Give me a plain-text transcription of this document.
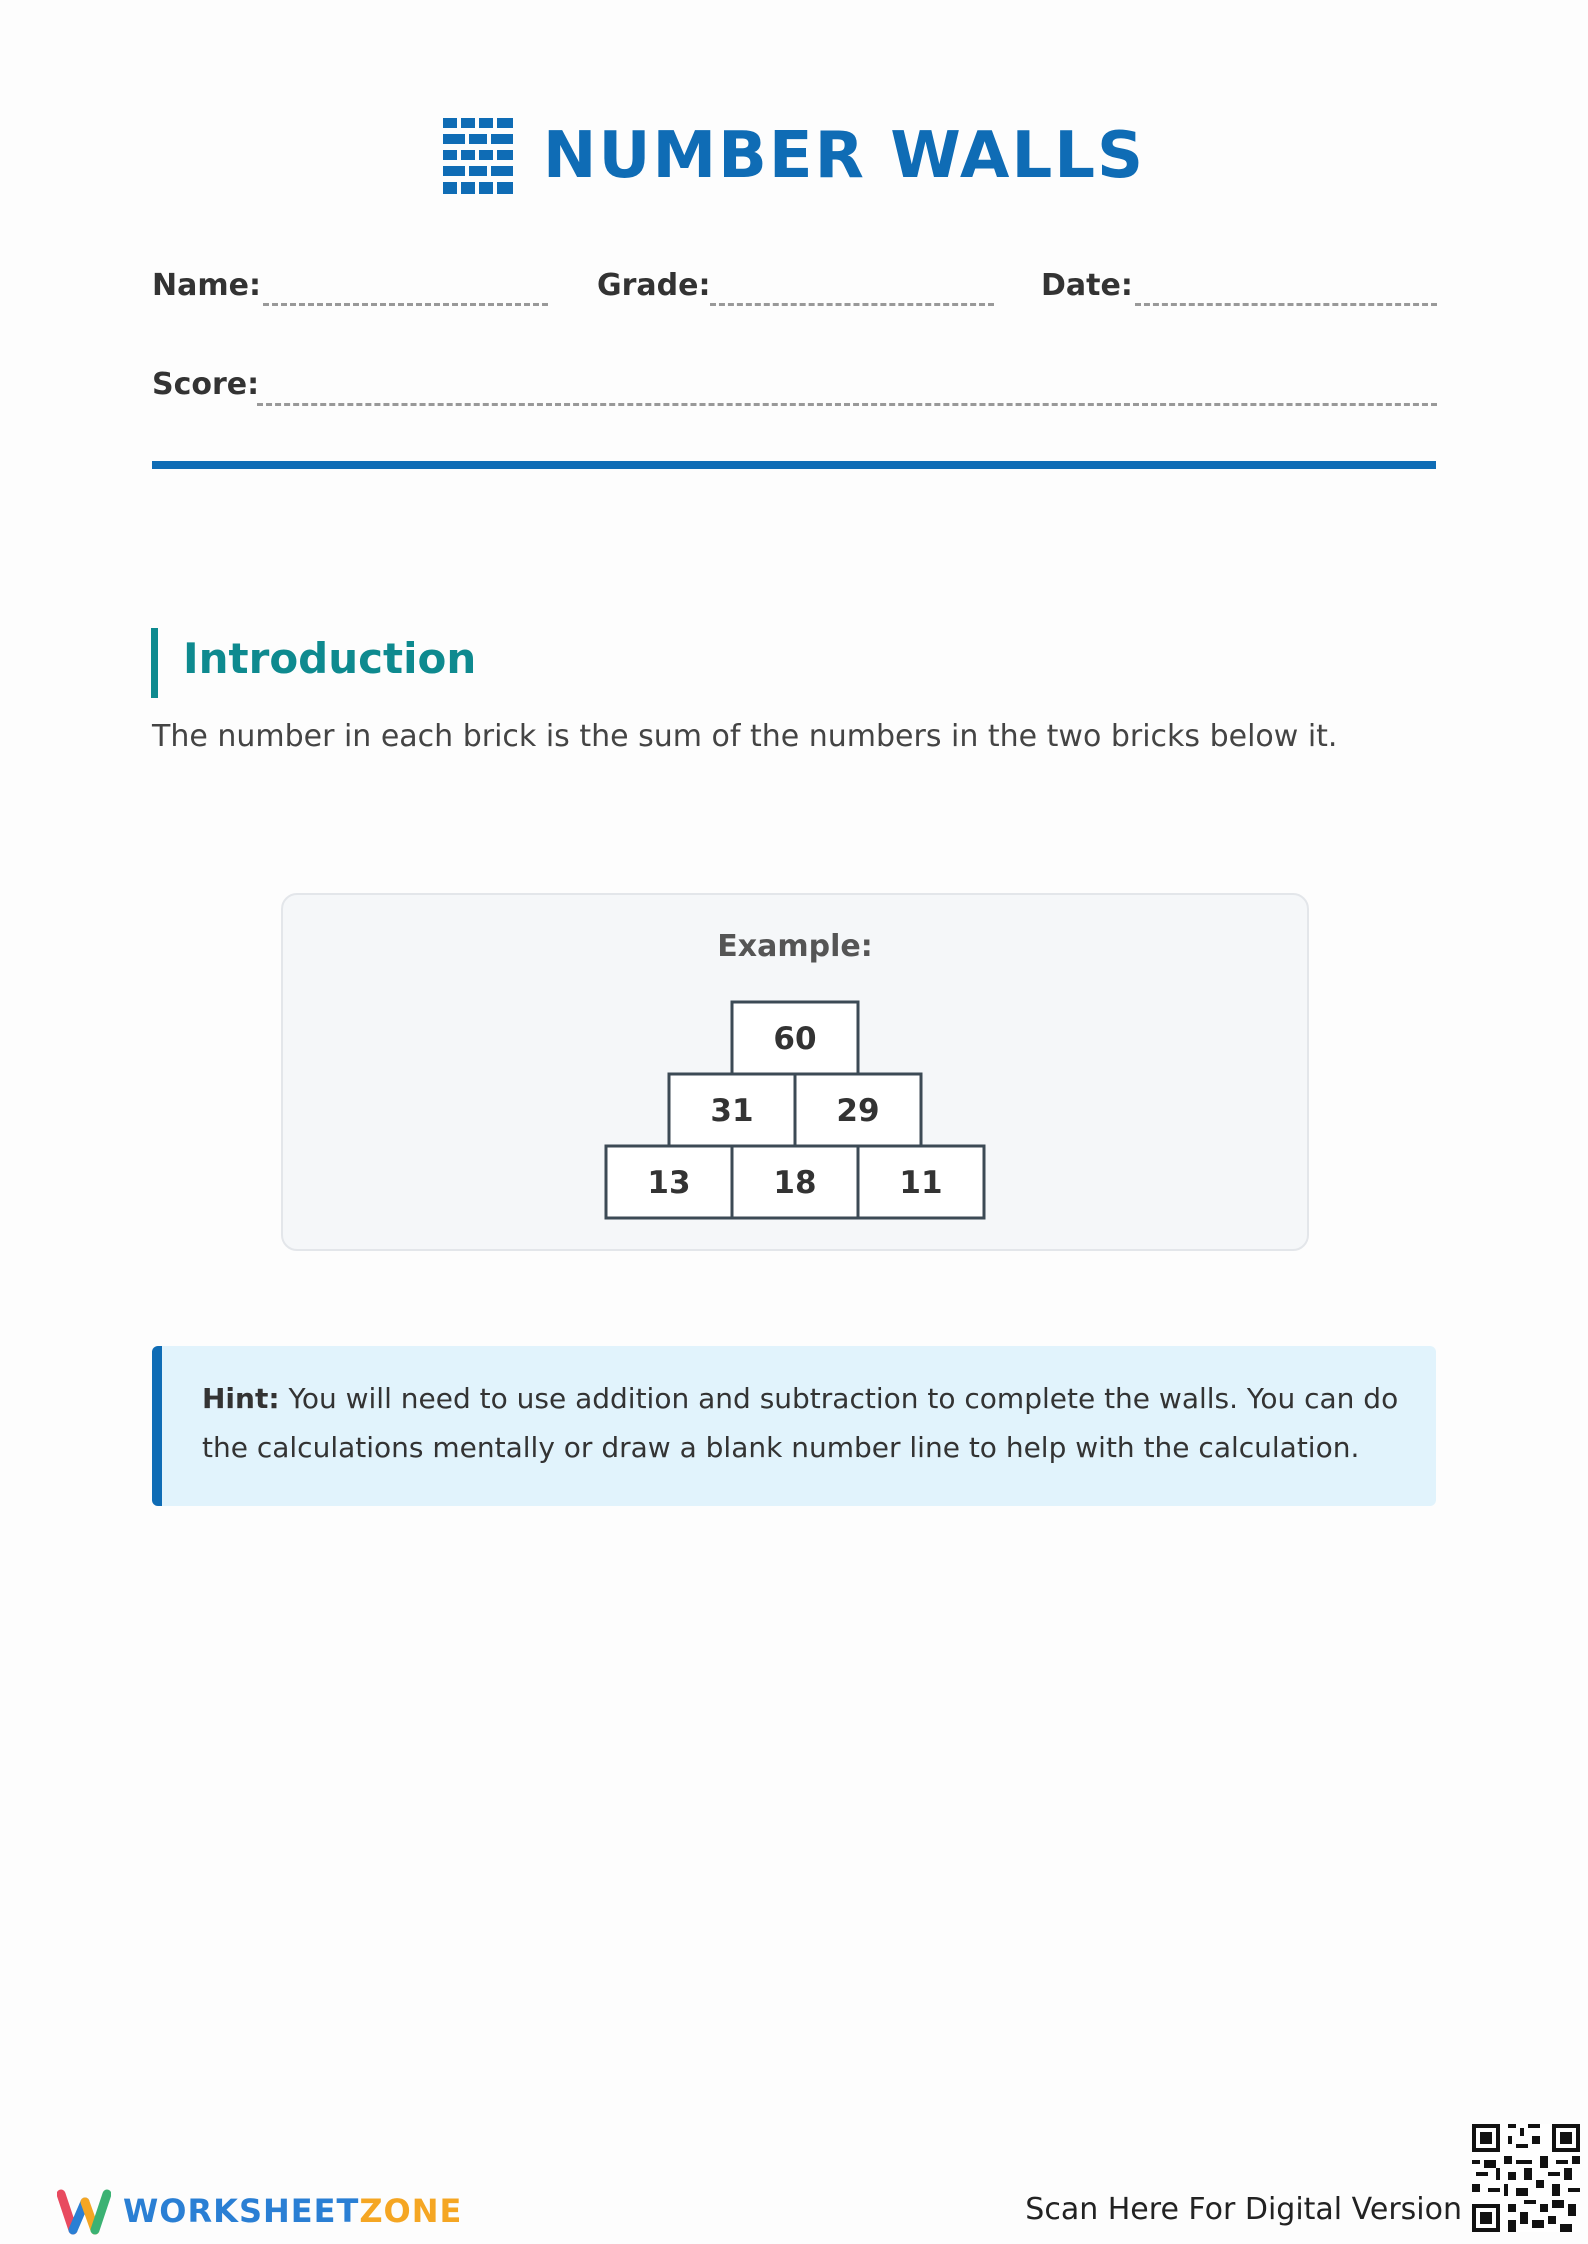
NUMBER WALLS
Name:	Grade:	Date:
Score:
Introduction
The number in each brick is the sum of the numbers in the two bricks below it.
Example:
60
31	29
13	18	11
Hint: You will need to use addition and subtraction to complete the walls. You can do the calculations mentally or draw a blank number line to help with the calculation.
WORKSHEETZONE	Scan Here For Digital Version
